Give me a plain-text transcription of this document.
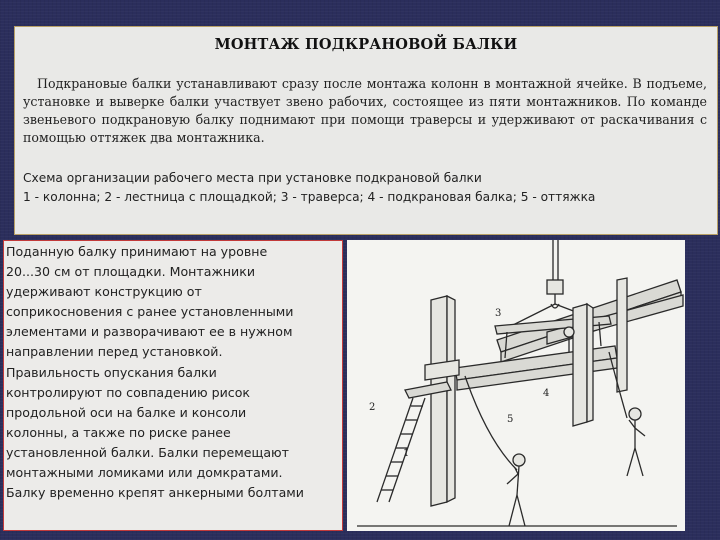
МОНТАЖ ПОДКРАНОВОЙ БАЛКИ
Подкрановые балки устанавливают сразу после монтажа колонн в монтажной ячейке. В подъеме, установке и выверке балки участвует звено рабочих, состоящее из пяти монтажников. По команде звеньевого подкрановую балку поднимают при помощи траверсы и удерживают от раскачивания с помощью оттяжек два монтажника.
Схема организации рабочего места при установке подкрановой балки
1 - колонна; 2 - лестница с площадкой; 3 - траверса; 4 - подкрановая балка; 5 - оттяжка
Поданную балку принимают на уровне
20...30 см от площадки. Монтажники
удерживают конструкцию от
соприкосновения с ранее установленными
элементами и разворачивают ее в нужном
направлении перед установкой.
Правильность опускания балки
контролируют по совпадению рисок
продольной оси на балке и консоли
колонны, а также по риске ранее
установленной балки. Балки перемещают
монтажными ломиками или домкратами.
Балку временно крепят анкерными болтами
1
2
3
4
5
